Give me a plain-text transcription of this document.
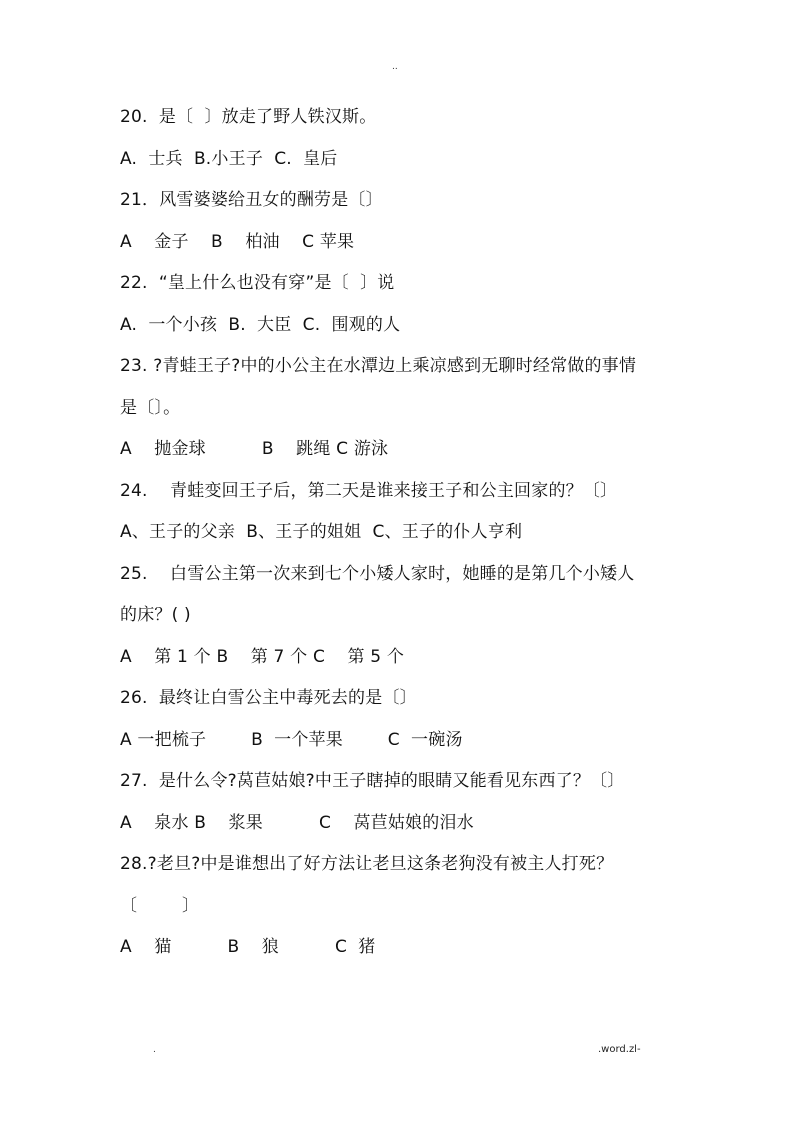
..
20.  是〔  〕放走了野人铁汉斯。
A.  士兵  B.小王子  C.  皇后
21．风雪婆婆给丑女的酬劳是〔〕
A    金子    B    柏油    C 苹果
22.  “皇上什么也没有穿”是〔  〕说
A.  一个小孩  B.  大臣  C.  围观的人
23. ?青蛙王子?中的小公主在水潭边上乘凉感到无聊时经常做的事情
是〔〕。
A    抛金球          B    跳绳 C 游泳
24.    青蛙变回王子后，第二天是谁来接王子和公主回家的？〔〕
A、王子的父亲  B、王子的姐姐  C、王子的仆人亨利
25.    白雪公主第一次来到七个小矮人家时，她睡的是第几个小矮人
的床？( )
A    第 1 个 B    第 7 个 C    第 5 个
26.  最终让白雪公主中毒死去的是〔〕
A 一把梳子        B  一个苹果        C  一碗汤
27.  是什么令?莴苣姑娘?中王子瞎掉的眼睛又能看见东西了？〔〕
A    泉水 B    浆果          C    莴苣姑娘的泪水
28.?老旦?中是谁想出了好方法让老旦这条老狗没有被主人打死？
〔        〕
A    猫          B    狼          C  猪
.	.word.zl-
